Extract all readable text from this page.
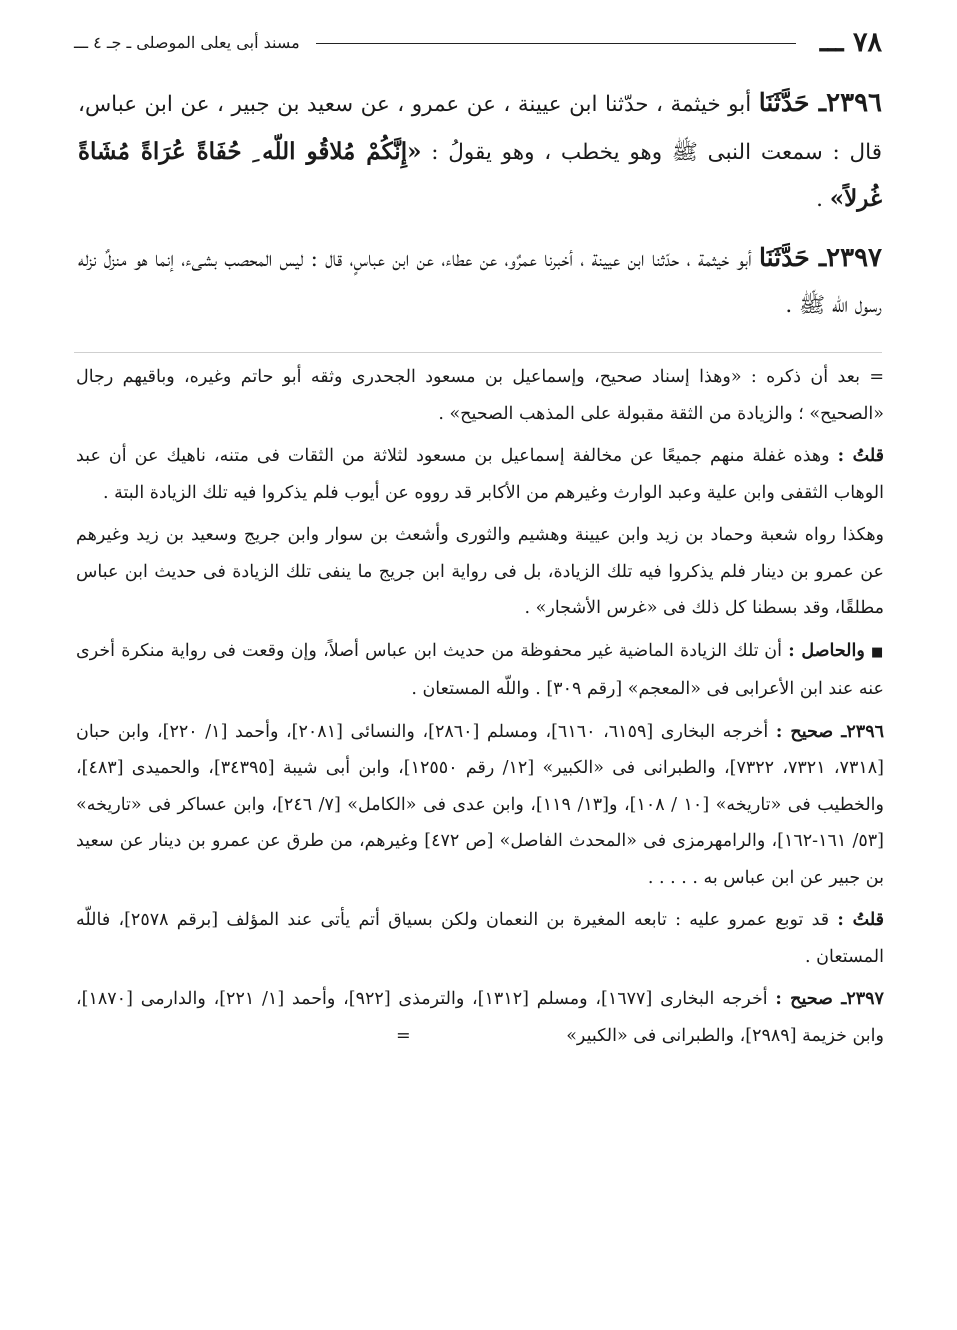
٧٨ ـــ
مسند أبى يعلى الموصلى ـ جـ ٤ ـــ

٢٣٩٦ـ حَدَّثَنَا أبو خيثمة ، حدّثنا ابن عيينة ، عن عمرو ، عن سعيد بن جبير ، عن ابن عباس، قال : سمعت النبى ﷺ وهو يخطب ، وهو يقولُ : «إِنَّكُمْ مُلاقُو اللّه ِ حُفَاةً عُرَاةً مُشَاةً غُرلاً» .

٢٣٩٧ـ حَدَّثَنَا أبو خيثمة ، حدّثنا ابن عيينة ، أخبرنا عمرٌو، عن عطاء، عن ابن عباسٍ، قال : ليس المحصب بشىء، إنما هو منزلٌ نزله رسول اللّه ﷺ .

= بعد أن ذكره : «وهذا إسناد صحيح، وإسماعيل بن مسعود الجحدرى وثقه أبو حاتم وغيره، وباقيهم رجال «الصحيح» ؛ والزيادة من الثقة مقبولة على المذهب الصحيح» .

قلتُ : وهذه غفلة منهم جميعًا عن مخالفة إسماعيل بن مسعود لثلاثة من الثقات فى متنه، ناهيك عن أن عبد الوهاب الثقفى وابن علية وعبد الوارث وغيرهم من الأكابر قد رووه عن أيوب فلم يذكروا فيه تلك الزيادة البتة .

وهكذا رواه شعبة وحماد بن زيد وابن عيينة وهشيم والثورى وأشعث بن سوار وابن جريج وسعيد بن زيد وغيرهم عن عمرو بن دينار فلم يذكروا فيه تلك الزيادة، بل فى رواية ابن جريج ما ينفى تلك الزيادة فى حديث ابن عباس مطلقًا، وقد بسطنا كل ذلك فى «غرس الأشجار» .

■ والحاصل : أن تلك الزيادة الماضية غير محفوظة من حديث ابن عباس أصلاً، وإن وقعت فى رواية منكرة أخرى عنه عند ابن الأعرابى فى «المعجم» [رقم ٣٠٩] . واللّه المستعان .

٢٣٩٦ـ صحيح : أخرجه البخارى [٦١٥٩، ٦١٦٠]، ومسلم [٢٨٦٠]، والنسائى [٢٠٨١]، وأحمد [١/ ٢٢٠]، وابن حبان [٧٣١٨، ٧٣٢١، ٧٣٢٢]، والطبرانى فى «الكبير» [١٢/ رقم ١٢٥٥٠]، وابن أبى شيبة [٣٤٣٩٥]، والحميدى [٤٨٣]، والخطيب فى «تاريخه» [١٠ / ١٠٨]، و[١٣/ ١١٩]، وابن عدى فى «الكامل» [٧/ ٢٤٦]، وابن عساكر فى «تاريخه» [٥٣/ ١٦١-١٦٢]، والرامهرمزى فى «المحدث الفاصل» [ص ٤٧٢] وغيرهم، من طرق عن عمرو بن دينار عن سعيد بن جبير عن ابن عباس به . . . . .

قلتُ : قد توبع عمرو عليه : تابعه المغيرة بن النعمان ولكن بسياق أتم يأتى عند المؤلف [برقم ٢٥٧٨]، فاللّه المستعان .

٢٣٩٧ـ صحيح : أخرجه البخارى [١٦٧٧]، ومسلم [١٣١٢]، والترمذى [٩٢٢]، وأحمد [١/ ٢٢١]، والدارمى [١٨٧٠]، وابن خزيمة [٢٩٨٩]، والطبرانى فى «الكبير» =
